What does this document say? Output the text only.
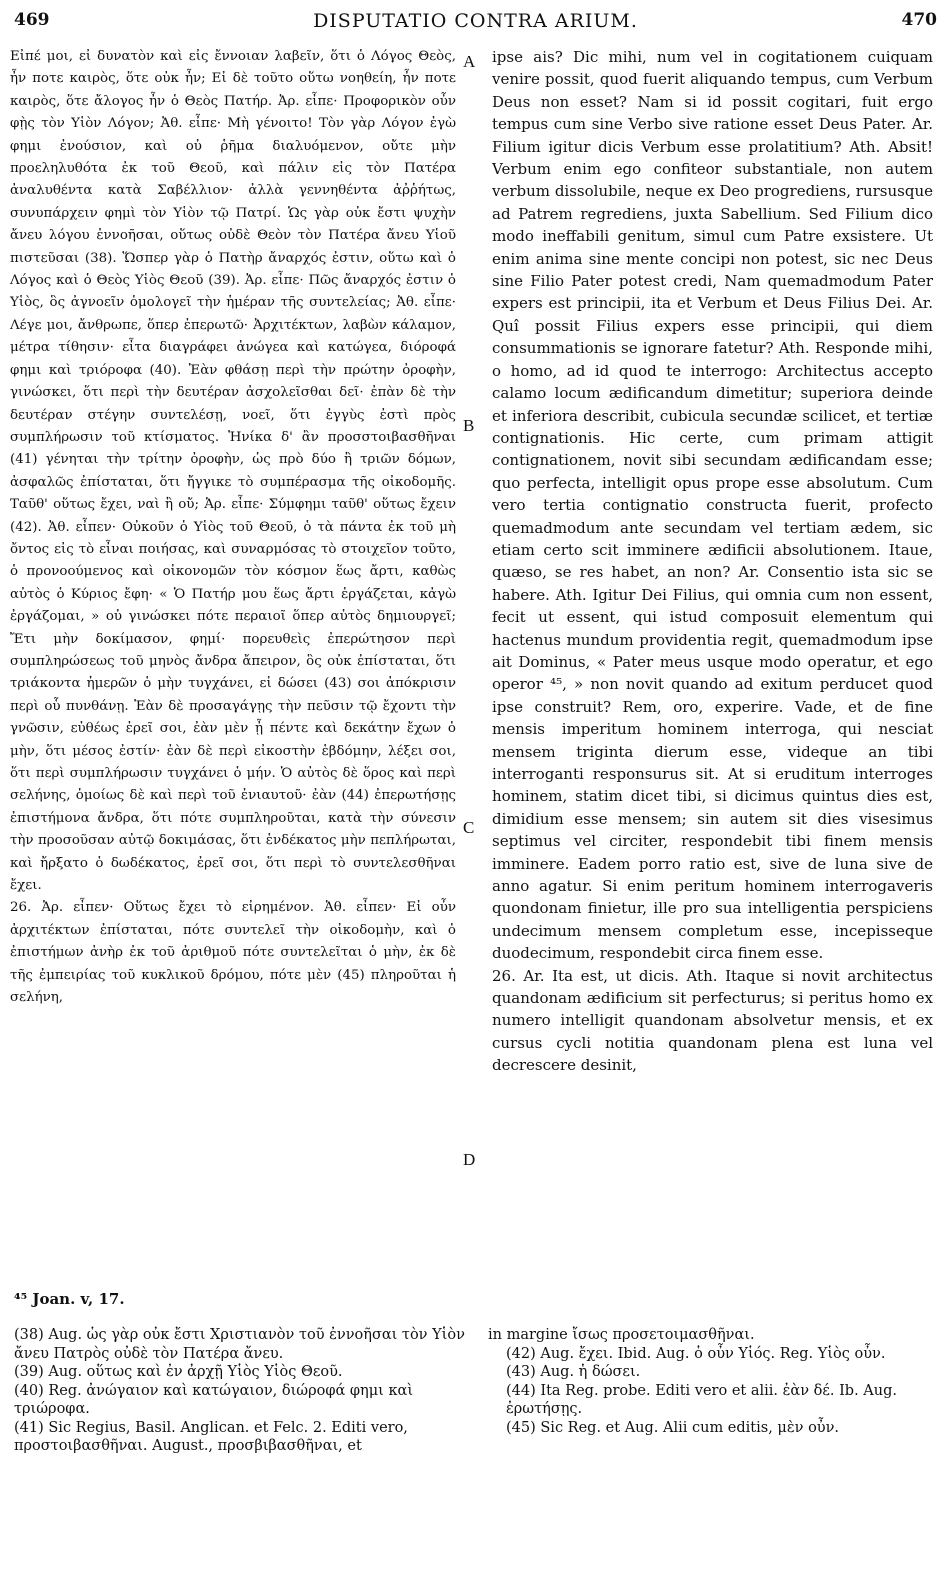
469	DISPUTATIO CONTRA ARIUM.	470

Εἰπέ μοι, εἰ δυνατὸν καὶ εἰς ἔννοιαν λαβεῖν, ὅτι ὁ Λόγος Θεὸς, ἦν ποτε καιρὸς, ὅτε οὐκ ἦν; Εἰ δὲ τοῦτο οὕτω νοηθείη, ἦν ποτε καιρὸς, ὅτε ἄλογος ἦν ὁ Θεὸς Πατήρ. Ἀρ. εἶπε· Προφορικὸν οὖν φῂς τὸν Υἱὸν Λόγον; Ἀθ. εἶπε· Μὴ γένοιτο! Τὸν γὰρ Λόγον ἐγὼ φημι ἐνούσιον, καὶ οὐ ῥῆμα διαλυόμενον, οὔτε μὴν προεληλυθότα ἐκ τοῦ Θεοῦ, καὶ πάλιν εἰς τὸν Πατέρα ἀναλυθέντα κατὰ Σαβέλλιον· ἀλλὰ γεννηθέντα ἀῤῥήτως, συνυπάρχειν φημὶ τὸν Υἱὸν τῷ Πατρί. Ὡς γὰρ οὐκ ἔστι ψυχὴν ἄνευ λόγου ἐννοῆσαι, οὕτως οὐδὲ Θεὸν τὸν Πατέρα ἄνευ Υἱοῦ πιστεῦσαι (38). Ὥσπερ γὰρ ὁ Πατὴρ ἄναρχός ἐστιν, οὕτω καὶ ὁ Λόγος καὶ ὁ Θεὸς Υἱὸς Θεοῦ (39). Ἀρ. εἶπε· Πῶς ἄναρχός ἐστιν ὁ Υἱὸς, ὃς ἀγνοεῖν ὁμολογεῖ τὴν ἡμέραν τῆς συντελείας; Ἀθ. εἶπε· Λέγε μοι, ἄνθρωπε, ὅπερ ἐπερωτῶ· Ἀρχιτέκτων, λαβὼν κάλαμον, μέτρα τίθησιν· εἶτα διαγράφει ἀνώγεα καὶ κατώγεα, διόροφά φημι καὶ τριόροφα (40). Ἐὰν φθάσῃ περὶ τὴν πρώτην ὀροφὴν, γινώσκει, ὅτι περὶ τὴν δευτέραν ἀσχολεῖσθαι δεῖ· ἐπὰν δὲ τὴν δευτέραν στέγην συντελέσῃ, νοεῖ, ὅτι ἐγγὺς ἐστὶ πρὸς συμπλήρωσιν τοῦ κτίσματος. Ἡνίκα δ' ἂν προσστοιβασθῆναι (41) γένηται τὴν τρίτην ὀροφὴν, ὡς πρὸ δύο ἢ τριῶν δόμων, ἀσφαλῶς ἐπίσταται, ὅτι ἤγγικε τὸ συμπέρασμα τῆς οἰκοδομῆς. Ταῦθ' οὕτως ἔχει, ναὶ ἢ οὔ; Ἀρ. εἶπε· Σύμφημι ταῦθ' οὕτως ἔχειν (42). Ἀθ. εἶπεν· Οὐκοῦν ὁ Υἱὸς τοῦ Θεοῦ, ὁ τὰ πάντα ἐκ τοῦ μὴ ὄντος εἰς τὸ εἶναι ποιήσας, καὶ συναρμόσας τὸ στοιχεῖον τοῦτο, ὁ προνοούμενος καὶ οἰκονομῶν τὸν κόσμον ἕως ἄρτι, καθὼς αὐτὸς ὁ Κύριος ἔφη· « Ὁ Πατήρ μου ἕως ἄρτι ἐργάζεται, κἀγὼ ἐργάζομαι, » οὐ γινώσκει πότε περαιοῖ ὅπερ αὐτὸς δημιουργεῖ; Ἔτι μὴν δοκίμασον, φημί· πορευθεὶς ἐπερώτησον περὶ συμπληρώσεως τοῦ μηνὸς ἄνδρα ἄπειρον, ὃς οὐκ ἐπίσταται, ὅτι τριάκοντα ἡμερῶν ὁ μὴν τυγχάνει, εἰ δώσει (43) σοι ἀπόκρισιν περὶ οὗ πυνθάνῃ. Ἐὰν δὲ προσαγάγῃς τὴν πεῦσιν τῷ ἔχοντι τὴν γνῶσιν, εὐθέως ἐρεῖ σοι, ἐὰν μὲν ᾖ πέντε καὶ δεκάτην ἔχων ὁ μὴν, ὅτι μέσος ἐστίν· ἐὰν δὲ περὶ εἰκοστὴν ἑβδόμην, λέξει σοι, ὅτι περὶ συμπλήρωσιν τυγχάνει ὁ μήν. Ὁ αὐτὸς δὲ ὅρος καὶ περὶ σελήνης, ὁμοίως δὲ καὶ περὶ τοῦ ἐνιαυτοῦ· ἐὰν (44) ἐπερωτήσῃς ἐπιστήμονα ἄνδρα, ὅτι πότε συμπληροῦται, κατὰ τὴν σύνεσιν τὴν προσοῦσαν αὐτῷ δοκιμάσας, ὅτι ἑνδέκατος μὴν πεπλήρωται, καὶ ἤρξατο ὁ δωδέκατος, ἐρεῖ σοι, ὅτι περὶ τὸ συντελεσθῆναι ἔχει.

26. Ἀρ. εἶπεν· Οὕτως ἔχει τὸ εἰρημένον. Ἀθ. εἶπεν· Εἰ οὖν ἀρχιτέκτων ἐπίσταται, πότε συντελεῖ τὴν οἰκοδομὴν, καὶ ὁ ἐπιστήμων ἀνὴρ ἐκ τοῦ ἀριθμοῦ πότε συντελεῖται ὁ μὴν, ἐκ δὲ τῆς ἐμπειρίας τοῦ κυκλικοῦ δρόμου, πότε μὲν (45) πληροῦται ἡ σελήνη,

A
B
C
D

ipse ais? Dic mihi, num vel in cogitationem cuiquam venire possit, quod fuerit aliquando tempus, cum Verbum Deus non esset? Nam si id possit cogitari, fuit ergo tempus cum sine Verbo sive ratione esset Deus Pater. Ar. Filium igitur dicis Verbum esse prolatitium? Ath. Absit! Verbum enim ego confiteor substantiale, non autem verbum dissolubile, neque ex Deo progrediens, rursusque ad Patrem regrediens, juxta Sabellium. Sed Filium dico modo ineffabili genitum, simul cum Patre exsistere. Ut enim anima sine mente concipi non potest, sic nec Deus sine Filio Pater potest credi, Nam quemadmodum Pater expers est principii, ita et Verbum et Deus Filius Dei. Ar. Quî possit Filius expers esse principii, qui diem consummationis se ignorare fatetur? Ath. Responde mihi, o homo, ad id quod te interrogo: Architectus accepto calamo locum ædificandum dimetitur; superiora deinde et inferiora describit, cubicula secundæ scilicet, et tertiæ contignationis. Hic certe, cum primam attigit contignationem, novit sibi secundam ædificandam esse; quo perfecta, intelligit opus prope esse absolutum. Cum vero tertia contignatio constructa fuerit, profecto quemadmodum ante secundam vel tertiam ædem, sic etiam certo scit imminere ædificii absolutionem. Itaue, quæso, se res habet, an non? Ar. Consentio ista sic se habere. Ath. Igitur Dei Filius, qui omnia cum non essent, fecit ut essent, qui istud composuit elementum qui hactenus mundum providentia regit, quemadmodum ipse ait Dominus, « Pater meus usque modo operatur, et ego operor ⁴⁵, » non novit quando ad exitum perducet quod ipse construit? Rem, oro, experire. Vade, et de fine mensis imperitum hominem interroga, qui nesciat mensem triginta dierum esse, videque an tibi interroganti responsurus sit. At si eruditum interroges hominem, statim dicet tibi, si dicimus quintus dies est, dimidium esse mensem; sin autem sit dies visesimus septimus vel circiter, respondebit tibi finem mensis imminere. Eadem porro ratio est, sive de luna sive de anno agatur. Si enim peritum hominem interrogaveris quondonam finietur, ille pro sua intelligentia perspiciens undecimum mensem completum esse, incepisseque duodecimum, respondebit circa finem esse.

26. Ar. Ita est, ut dicis. Ath. Itaque si novit architectus quandonam ædificium sit perfecturus; si peritus homo ex numero intelligit quandonam absolvetur mensis, et ex cursus cycli notitia quandonam plena est luna vel decrescere desinit,

⁴⁵ Joan. v, 17.
(38) Aug. ὡς γὰρ οὐκ ἔστι Χριστιανὸν τοῦ ἐννοῆσαι τὸν Υἱὸν ἄνευ Πατρὸς οὐδὲ τὸν Πατέρα ἄνευ.
(39) Aug. οὕτως καὶ ἐν ἀρχῇ Υἱὸς Υἱὸς Θεοῦ.
(40) Reg. ἀνώγαιον καὶ κατώγαιον, διώροφά φημι καὶ τριώροφα.
(41) Sic Regius, Basil. Anglican. et Felc. 2. Editi vero, προστοιβασθῆναι. August., προσβιβασθῆναι, et
in margine ἴσως προσετοιμασθῆναι.
(42) Aug. ἔχει. Ibid. Aug. ὁ οὖν Υἱός. Reg. Υἱὸς οὖν.
(43) Aug. ἡ δώσει.
(44) Ita Reg. probe. Editi vero et alii. ἐὰν δέ. Ib. Aug. ἐρωτήσῃς.
(45) Sic Reg. et Aug. Alii cum editis, μὲν οὖν.
